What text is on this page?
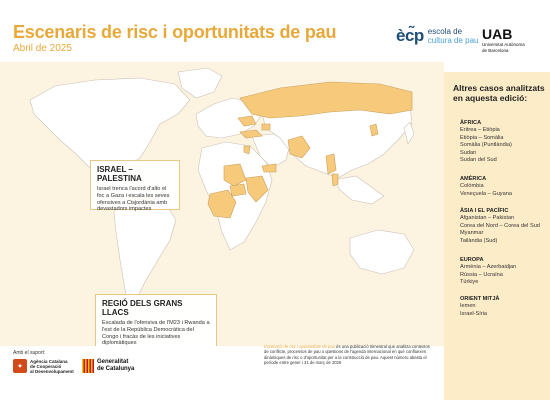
Escenaris de risc i oportunitats de pau
Abril de 2025
èc̃p escola de
cultura de pau UAB
Universitat Autònoma
de Barcelona
ISRAEL – PALESTINA
Israel trenca l'acord d'alto el foc a Gaza i escala les seves ofensives a Cisjordània amb devastadors impactes
REGIÓ DELS GRANS
LLACS
Escalada de l'ofensiva de l'M23 i Rwanda a l'est de la República Democràtica del Congo i fracàs de les iniciatives diplomàtiques
Altres casos analitzats
en aquesta edició:
ÀFRICA
Eritrea – Etiòpia
Etiòpia – Somàlia
Somàlia (Puntlàndia)
Sudan
Sudan del Sud
AMÈRICA
Colòmbia
Veneçuela – Guyana
ÀSIA I EL PACÍFIC
Afganistan – Pakistan
Corea del Nord – Corea del Sud
Myanmar
Tailàndia (Sud)
EUROPA
Armènia – Azerbaidjan
Rússia – Ucraïna
Türkiye
ORIENT MITJÀ
Iemen
Israel-Síria
Amb el suport:
✦
Agència Catalana
de Cooperació
al Desenvolupament
Generalitat
de Catalunya
Escenaris de risc i oportunitats de pau és una publicació trimestral que analitza contextos de conflicte, processos de pau o qüestions de l'agenda internacional en què confluexen dinàmiques de risc o d'oportunitat per a la construcció de pau. Aquest número abasta el període entre gener i 31 de març de 2025
